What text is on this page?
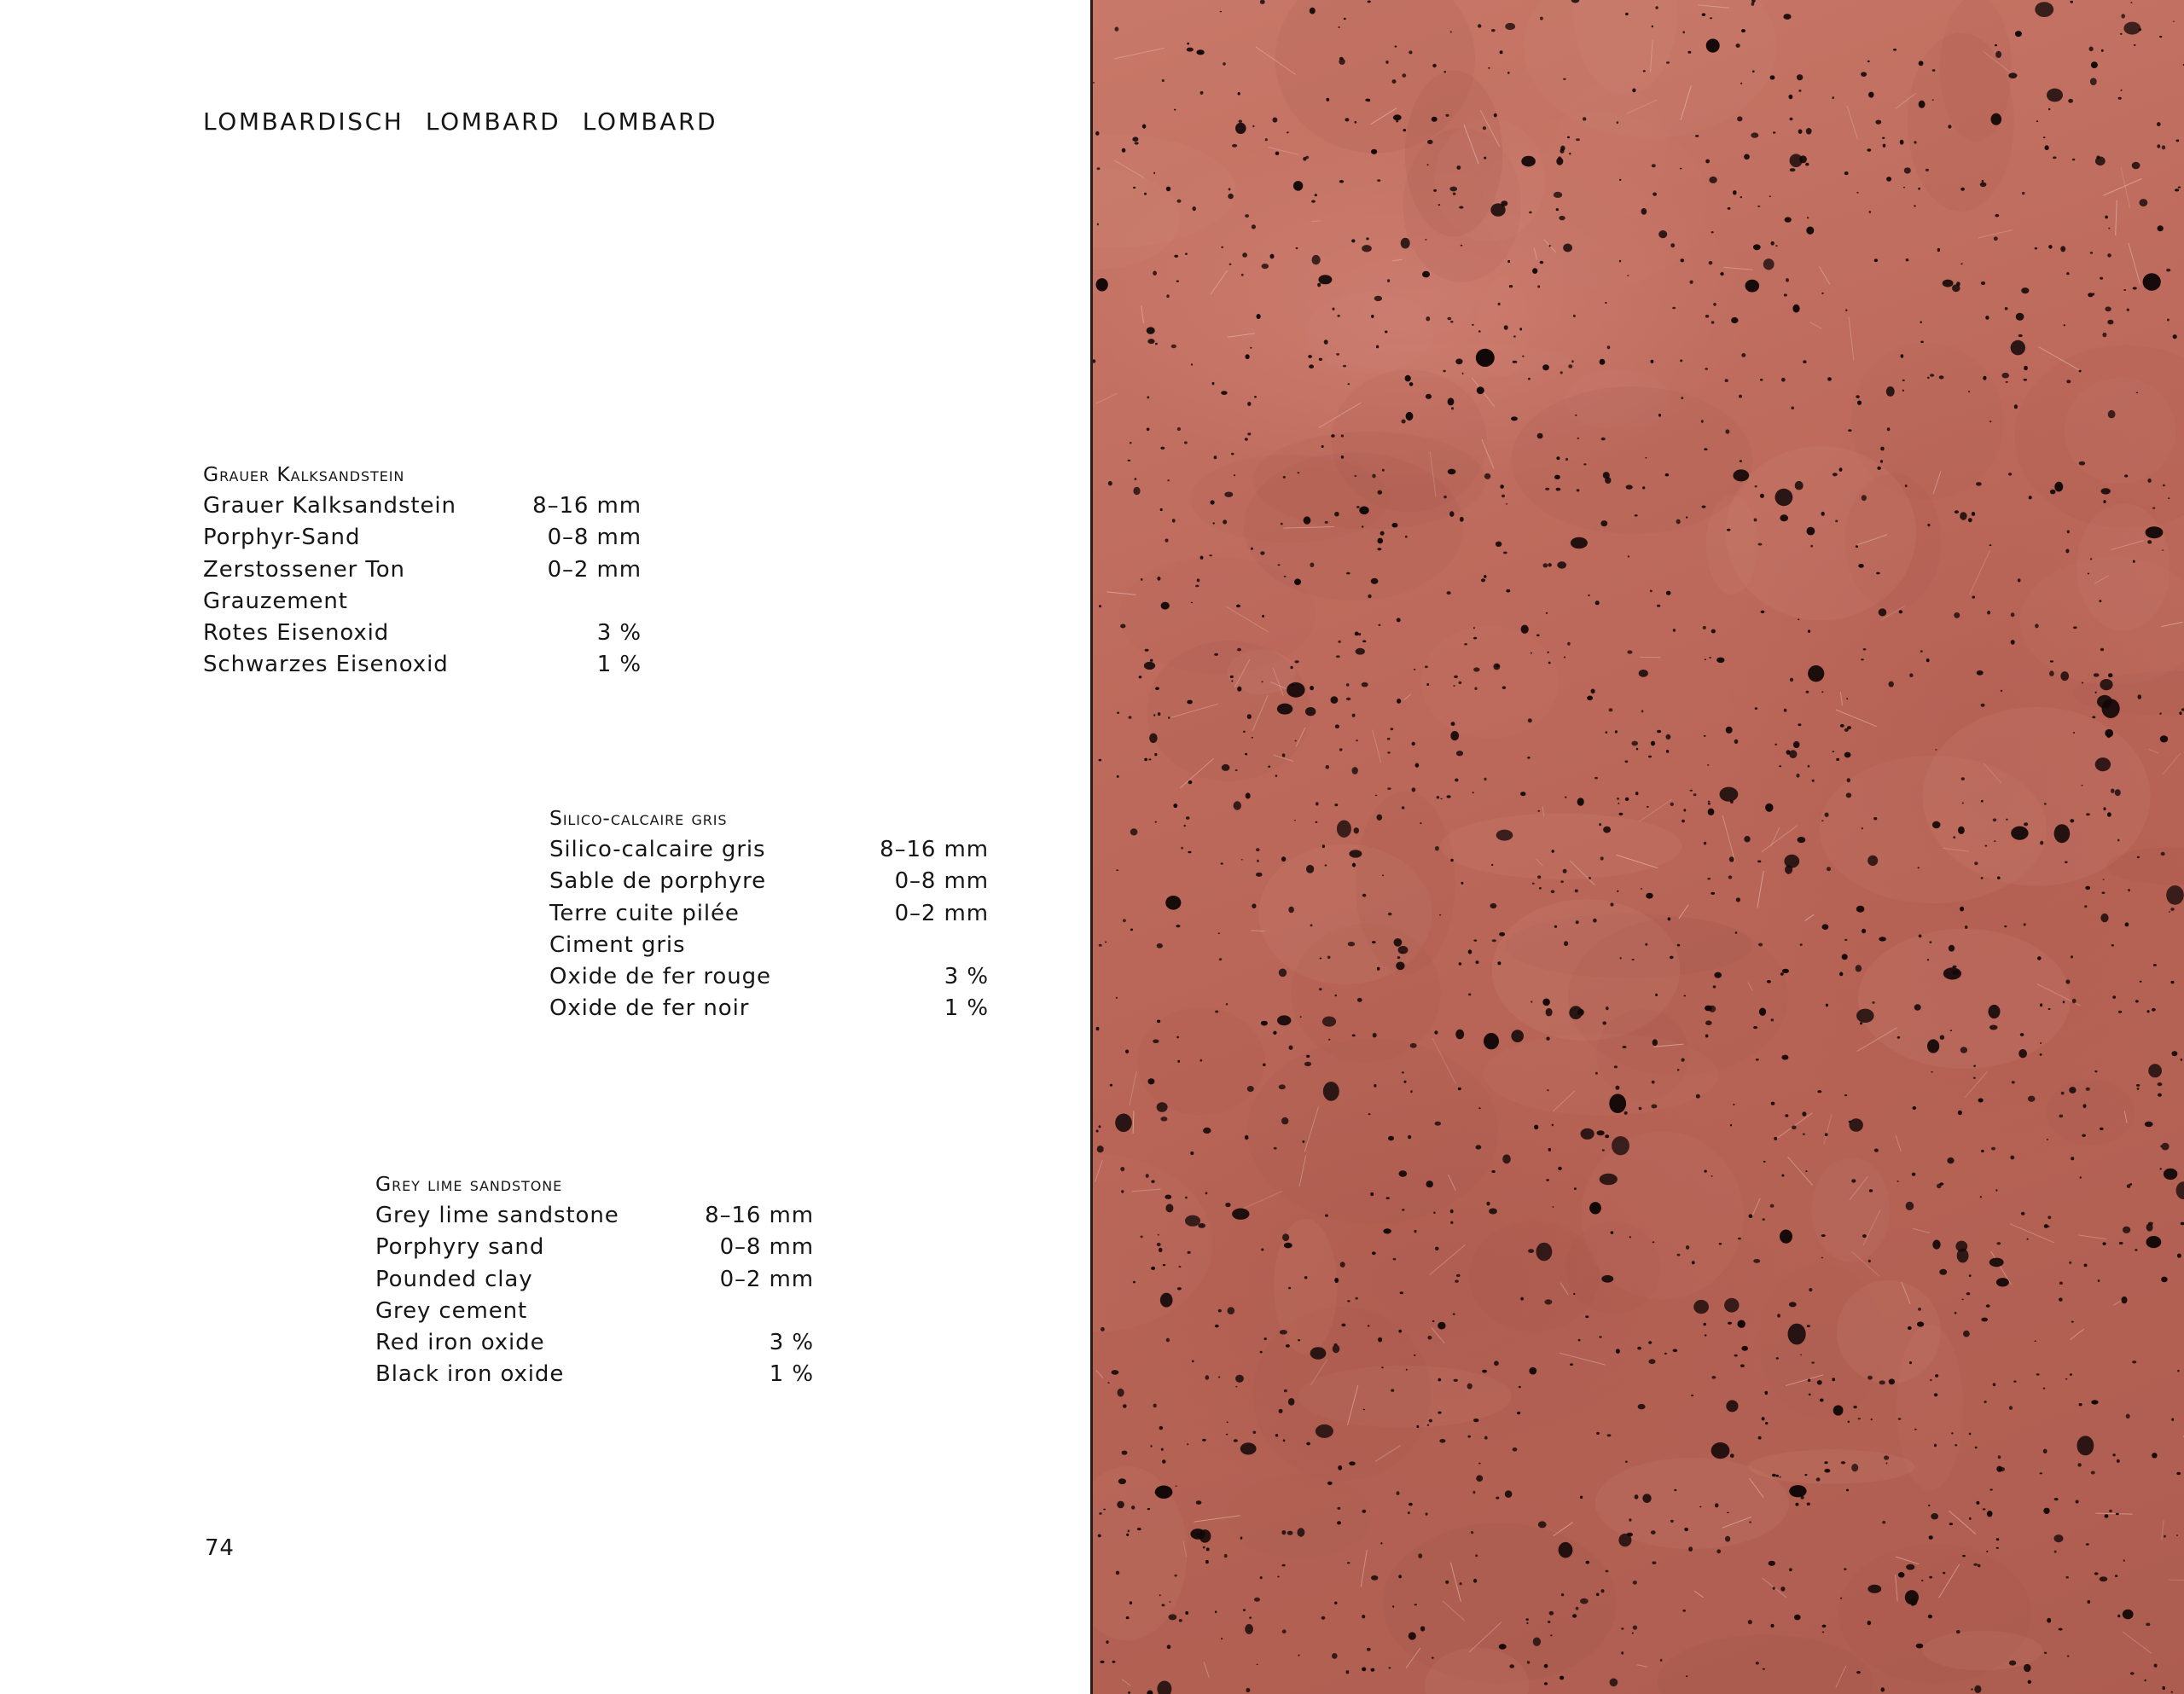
LOMBARDISCH LOMBARD LOMBARD
Grauer Kalksandstein
Grauer Kalksandstein	8–16 mm
Porphyr-Sand	0–8 mm
Zerstossener Ton	0–2 mm
Grauzement
Rotes Eisenoxid	3 %
Schwarzes Eisenoxid	1 %
Silico-calcaire gris
Silico-calcaire gris	8–16 mm
Sable de porphyre	0–8 mm
Terre cuite pilée	0–2 mm
Ciment gris
Oxide de fer rouge	3 %
Oxide de fer noir	1 %
Grey lime sandstone
Grey lime sandstone	8–16 mm
Porphyry sand	0–8 mm
Pounded clay	0–2 mm
Grey cement
Red iron oxide	3 %
Black iron oxide	1 %
74
